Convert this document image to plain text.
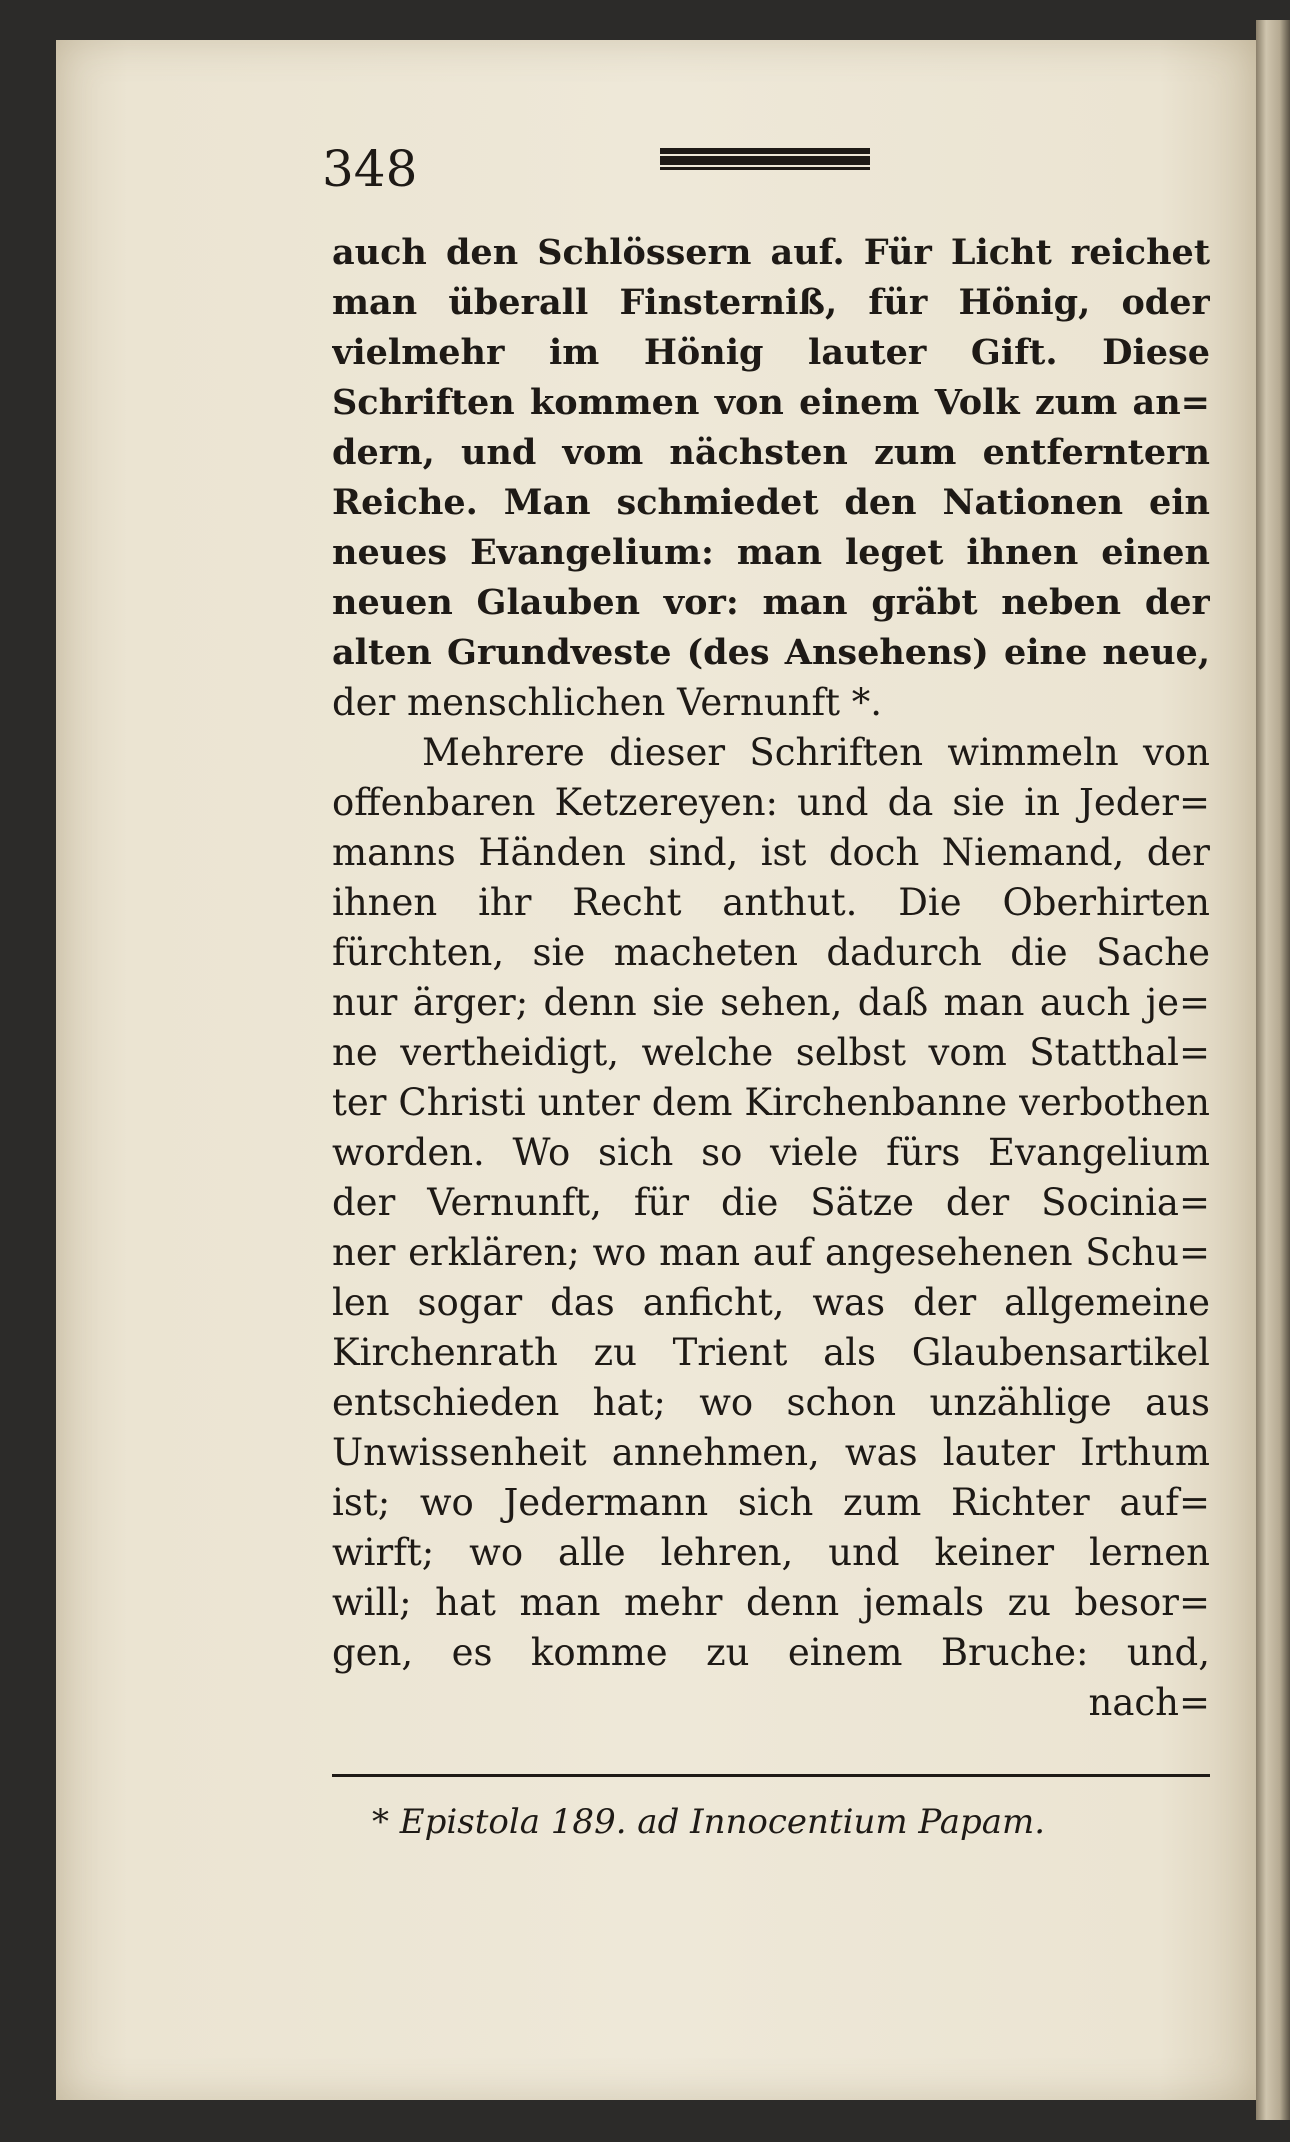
348
auch den Schlössern auf. Für Licht reichet
man überall Finsterniß, für Hönig, oder
vielmehr im Hönig lauter Gift. Diese
Schriften kommen von einem Volk zum an=
dern, und vom nächsten zum entferntern
Reiche. Man schmiedet den Nationen ein
neues Evangelium: man leget ihnen einen
neuen Glauben vor: man gräbt neben der
alten Grundveste (des Ansehens) eine neue,
der menschlichen Vernunft *.
Mehrere dieser Schriften wimmeln von
offenbaren Ketzereyen: und da sie in Jeder=
manns Händen sind, ist doch Niemand, der
ihnen ihr Recht anthut. Die Oberhirten
fürchten, sie macheten dadurch die Sache
nur ärger; denn sie sehen, daß man auch je=
ne vertheidigt, welche selbst vom Statthal=
ter Christi unter dem Kirchenbanne verbothen
worden. Wo sich so viele fürs Evangelium
der Vernunft, für die Sätze der Socinia=
ner erklären; wo man auf angesehenen Schu=
len sogar das anficht, was der allgemeine
Kirchenrath zu Trient als Glaubensartikel
entschieden hat; wo schon unzählige aus
Unwissenheit annehmen, was lauter Irthum
ist; wo Jedermann sich zum Richter auf=
wirft; wo alle lehren, und keiner lernen
will; hat man mehr denn jemals zu besor=
gen, es komme zu einem Bruche: und,
nach=
* Epistola 189. ad Innocentium Papam.
